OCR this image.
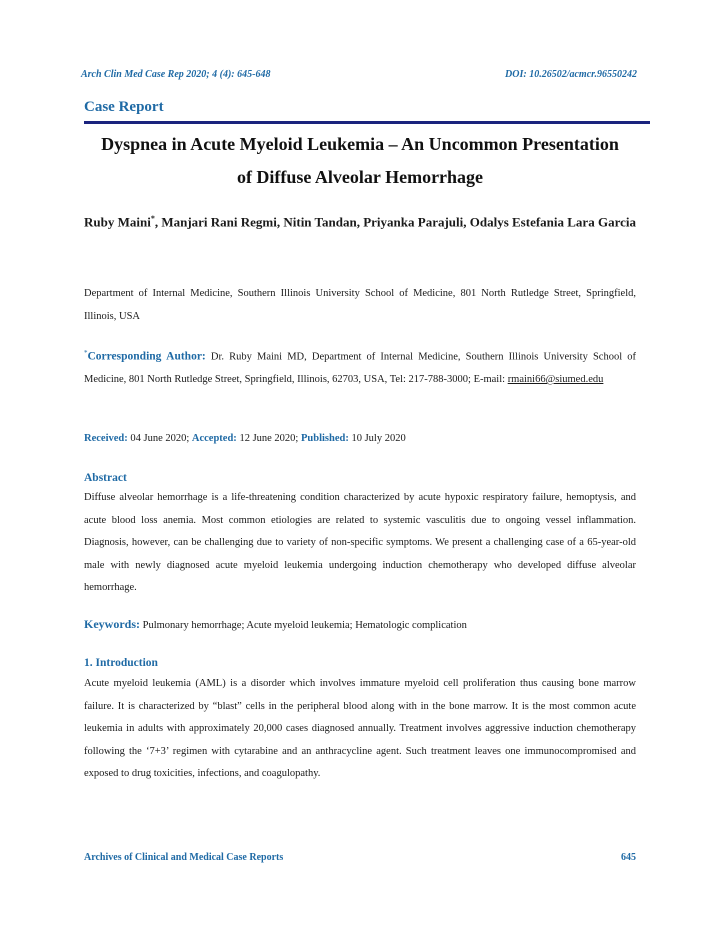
Arch Clin Med Case Rep 2020; 4 (4): 645-648	DOI: 10.26502/acmcr.96550242
Case Report
Dyspnea in Acute Myeloid Leukemia – An Uncommon Presentation
of Diffuse Alveolar Hemorrhage
Ruby Maini*, Manjari Rani Regmi, Nitin Tandan, Priyanka Parajuli, Odalys Estefania Lara Garcia
Department of Internal Medicine, Southern Illinois University School of Medicine, 801 North Rutledge Street, Springfield, Illinois, USA
*Corresponding Author: Dr. Ruby Maini MD, Department of Internal Medicine, Southern Illinois University School of Medicine, 801 North Rutledge Street, Springfield, Illinois, 62703, USA, Tel: 217-788-3000; E-mail: rmaini66@siumed.edu
Received: 04 June 2020; Accepted: 12 June 2020; Published: 10 July 2020
Abstract
Diffuse alveolar hemorrhage is a life-threatening condition characterized by acute hypoxic respiratory failure, hemoptysis, and acute blood loss anemia. Most common etiologies are related to systemic vasculitis due to ongoing vessel inflammation. Diagnosis, however, can be challenging due to variety of non-specific symptoms. We present a challenging case of a 65-year-old male with newly diagnosed acute myeloid leukemia undergoing induction chemotherapy who developed diffuse alveolar hemorrhage.
Keywords: Pulmonary hemorrhage; Acute myeloid leukemia; Hematologic complication
1. Introduction
Acute myeloid leukemia (AML) is a disorder which involves immature myeloid cell proliferation thus causing bone marrow failure. It is characterized by “blast” cells in the peripheral blood along with in the bone marrow. It is the most common acute leukemia in adults with approximately 20,000 cases diagnosed annually. Treatment involves aggressive induction chemotherapy following the ‘7+3’ regimen with cytarabine and an anthracycline agent. Such treatment leaves one immunocompromised and exposed to drug toxicities, infections, and coagulopathy.
Archives of Clinical and Medical Case Reports	645
